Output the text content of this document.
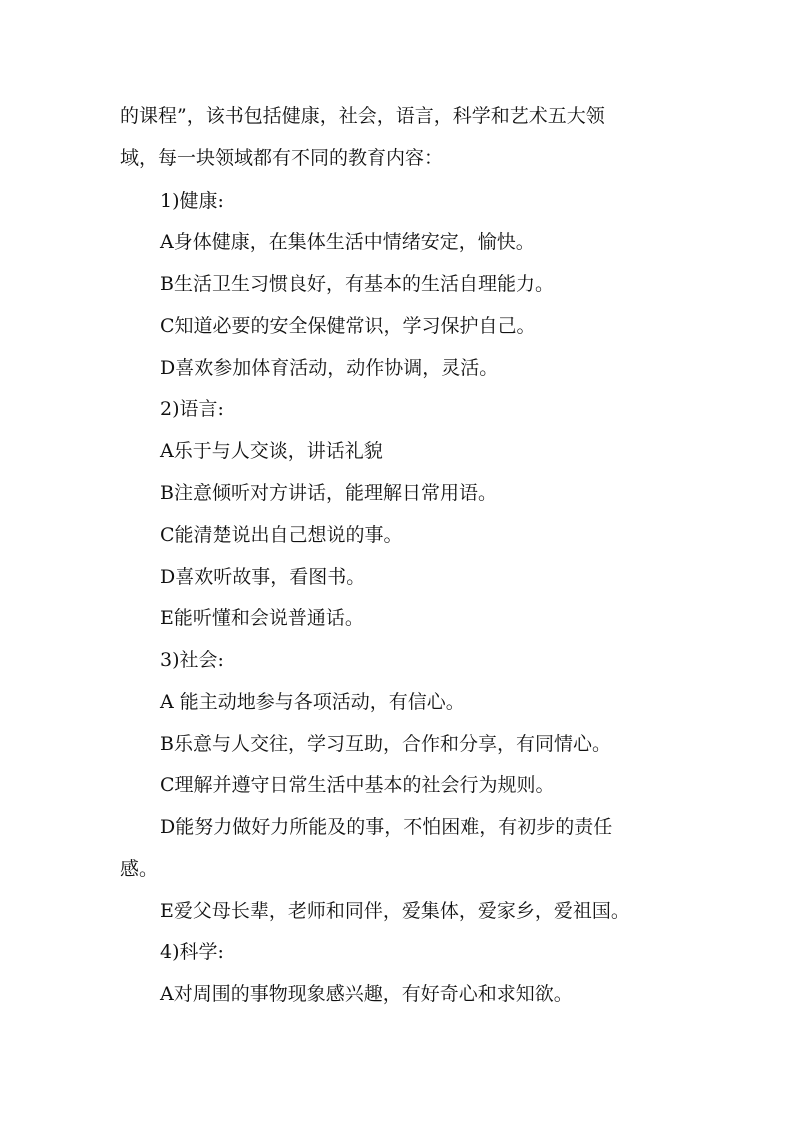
的课程”，该书包括健康，社会，语言，科学和艺术五大领

域，每一块领域都有不同的教育内容：

1)健康:

A身体健康，在集体生活中情绪安定，愉快。

B生活卫生习惯良好，有基本的生活自理能力。

C知道必要的安全保健常识，学习保护自己。

D喜欢参加体育活动，动作协调，灵活。

2)语言:

A乐于与人交谈，讲话礼貌

B注意倾听对方讲话，能理解日常用语。

C能清楚说出自己想说的事。

D喜欢听故事，看图书。

E能听懂和会说普通话。

3)社会:

A 能主动地参与各项活动，有信心。

B乐意与人交往，学习互助，合作和分享，有同情心。

C理解并遵守日常生活中基本的社会行为规则。

D能努力做好力所能及的事，不怕困难，有初步的责任

感。

E爱父母长辈，老师和同伴，爱集体，爱家乡，爱祖国。

4)科学:

A对周围的事物现象感兴趣，有好奇心和求知欲。
